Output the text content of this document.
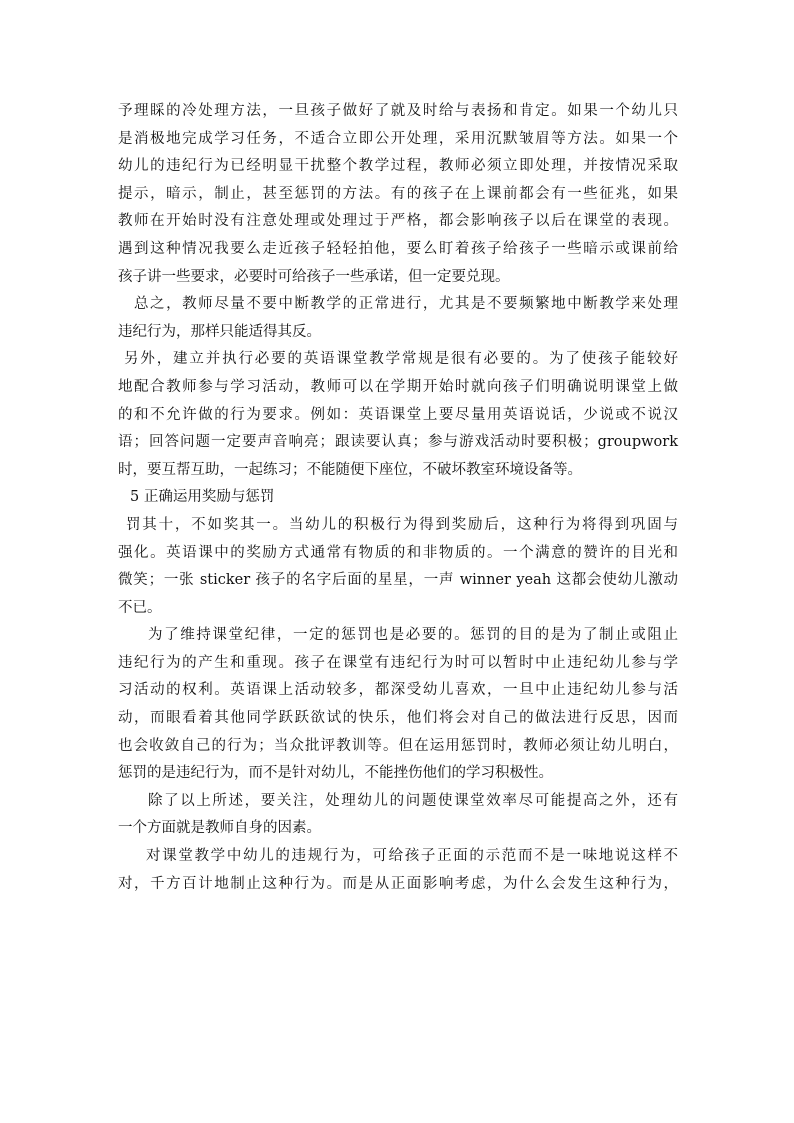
予理睬的冷处理方法，一旦孩子做好了就及时给与表扬和肯定。如果一个幼儿只
是消极地完成学习任务，不适合立即公开处理，采用沉默皱眉等方法。如果一个
幼儿的违纪行为已经明显干扰整个教学过程，教师必须立即处理，并按情况采取
提示，暗示，制止，甚至惩罚的方法。有的孩子在上课前都会有一些征兆，如果
教师在开始时没有注意处理或处理过于严格，都会影响孩子以后在课堂的表现。
遇到这种情况我要么走近孩子轻轻拍他，要么盯着孩子给孩子一些暗示或课前给
孩子讲一些要求，必要时可给孩子一些承诺，但一定要兑现。
总之，教师尽量不要中断教学的正常进行，尤其是不要频繁地中断教学来处理
违纪行为，那样只能适得其反。
另外，建立并执行必要的英语课堂教学常规是很有必要的。为了使孩子能较好
地配合教师参与学习活动，教师可以在学期开始时就向孩子们明确说明课堂上做
的和不允许做的行为要求。例如：英语课堂上要尽量用英语说话，少说或不说汉
语；回答问题一定要声音响亮；跟读要认真；参与游戏活动时要积极；groupwork
时，要互帮互助，一起练习；不能随便下座位，不破坏教室环境设备等。
5 正确运用奖励与惩罚
罚其十，不如奖其一。当幼儿的积极行为得到奖励后，这种行为将得到巩固与
强化。英语课中的奖励方式通常有物质的和非物质的。一个满意的赞许的目光和
微笑；一张 sticker 孩子的名字后面的星星，一声 winner yeah 这都会使幼儿激动
不已。
为了维持课堂纪律，一定的惩罚也是必要的。惩罚的目的是为了制止或阻止
违纪行为的产生和重现。孩子在课堂有违纪行为时可以暂时中止违纪幼儿参与学
习活动的权利。英语课上活动较多，都深受幼儿喜欢，一旦中止违纪幼儿参与活
动，而眼看着其他同学跃跃欲试的快乐，他们将会对自己的做法进行反思，因而
也会收敛自己的行为；当众批评教训等。但在运用惩罚时，教师必须让幼儿明白，
惩罚的是违纪行为，而不是针对幼儿，不能挫伤他们的学习积极性。
除了以上所述，要关注，处理幼儿的问题使课堂效率尽可能提高之外，还有
一个方面就是教师自身的因素。
对课堂教学中幼儿的违规行为，可给孩子正面的示范而不是一味地说这样不
对，千方百计地制止这种行为。而是从正面影响考虑，为什么会发生这种行为，
